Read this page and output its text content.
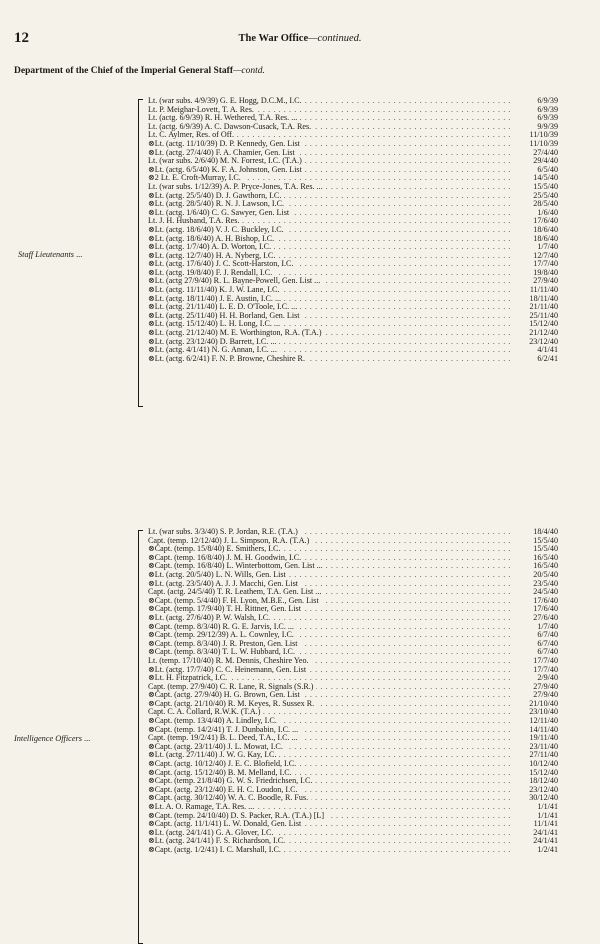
12	The War Office—continued.
Department of the Chief of the Imperial General Staff—contd.
Staff Lieutenants ...
.....
Lt. (war subs. 4/9/39) G. E. Hogg, D.C.M., I.C.	6/9/39
.....
Lt. P. Meighar-Lovett, T. A. Res.	6/9/39
.....
Lt. (actg. 6/9/39) R. H. Wethered, T.A. Res. ...	6/9/39
.....
Lt. (actg. 6/9/39) A. C. Dawson-Cusack, T.A. Res.	9/9/39
.....
Lt. C. Aylmer, Res. of Off.	11/10/39
.....
⊗Lt. (actg. 11/10/39) D. P. Kennedy, Gen. List	11/10/39
.....
⊗Lt. (actg. 27/4/40) F. A. Chamier, Gen. List	27/4/40
.....
Lt. (war subs. 2/6/40) M. N. Forrest, I.C. (T.A.)	29/4/40
.....
⊗Lt. (actg. 6/5/40) K. F. A. Johnston, Gen. List	6/5/40
.....
⊗2 Lt. E. Croft-Murray, I.C.	14/5/40
.....
Lt. (war subs. 1/12/39) A. P. Pryce-Jones, T.A. Res. ...	15/5/40
.....
⊗Lt. (actg. 25/5/40) D. J. Gawthorn, I.C.	25/5/40
.....
⊗Lt. (actg. 28/5/40) R. N. J. Lawson, I.C.	28/5/40
.....
⊗Lt. (actg. 1/6/40) C. G. Sawyer, Gen. List	1/6/40
.....
Lt. J. H. Husband, T.A. Res.	17/6/40
.....
⊗Lt. (actg. 18/6/40) V. J. C. Buckley, I.C.	18/6/40
.....
⊗Lt. (actg. 18/6/40) A. H. Bishop, I.C.	18/6/40
.....
⊗Lt. (actg. 1/7/40) A. D. Worton, I.C.	1/7/40
.....
⊗Lt. (actg. 12/7/40) H. A. Nyberg, I.C.	12/7/40
.....
⊗Lt. (actg. 17/6/40) J. C. Scott-Harston, I.C.	17/7/40
.....
⊗Lt. (actg. 19/8/40) F. J. Rendall, I.C.	19/8/40
.....
⊗Lt. (actg 27/9/40) R. L. Bayne-Powell, Gen. List ...	27/9/40
.....
⊗Lt. (actg. 11/11/40) K. J. W. Lane, I.C.	11/11/40
.....
⊗Lt. (actg. 18/11/40) J. E. Austin, I.C. ...	18/11/40
.....
⊗Lt. (actg. 21/11/40) L. E. D. O'Toole, I.C. ...	21/11/40
.....
⊗Lt. (actg. 25/11/40) H. H. Borland, Gen. List	25/11/40
.....
⊗Lt. (actg. 15/12/40) L. H. Long, I.C. ...	15/12/40
.....
⊗Lt. (actg. 21/12/40) M. E. Worthington, R.A. (T.A.)	21/12/40
.....
⊗Lt. (actg. 23/12/40) D. Barrett, I.C. ...	23/12/40
.....
⊗Lt. (actg. 4/1/41) N. G. Annan, I.C. ...	4/1/41
.....
⊗Lt. (actg. 6/2/41) F. N. P. Browne, Cheshire R.	6/2/41
Intelligence Officers ...
.....
Lt. (war subs. 3/3/40) S. P. Jordan, R.E. (T.A.)	18/4/40
.....
Capt. (temp. 12/12/40) J. L. Simpson, R.A. (T.A.)	15/5/40
.....
⊗Capt. (temp. 15/8/40) E. Smithers, I.C.	15/5/40
.....
⊗Capt. (temp. 16/8/40) J. M. H. Goodwin, I.C.	16/5/40
.....
⊗Capt. (temp. 16/8/40) L. Winterbottom, Gen. List ...	16/5/40
.....
⊗Lt. (actg. 20/5/40) L. N. Wills, Gen. List	20/5/40
.....
⊗Lt. (actg. 23/5/40) A. J. J. Macchi, Gen. List	23/5/40
.....
Capt. (actg. 24/5/40) T. R. Leathem, T.A. Gen. List ...	24/5/40
.....
⊗Capt. (temp. 5/4/40) F. H. Lyon, M.B.E., Gen. List	17/6/40
.....
⊗Capt. (temp. 17/9/40) T. H. Rittner, Gen. List	17/6/40
.....
⊗Lt. (actg. 27/6/40) P. W. Walsh, I.C.	27/6/40
.....
⊗Capt. (temp. 8/3/40) R. G. E. Jarvis, I.C. ...	1/7/40
.....
⊗Capt. (temp. 29/12/39) A. L. Cownley, I.C.	6/7/40
.....
⊗Capt. (temp. 8/3/40) J. R. Preston, Gen. List	6/7/40
.....
⊗Capt. (temp. 8/3/40) T. L. W. Hubbard, I.C.	6/7/40
.....
Lt. (temp. 17/10/40) R. M. Dennis, Cheshire Yeo.	17/7/40
.....
⊗Lt. (actg. 17/7/40) C. C. Heinemann, Gen. List	17/7/40
.....
⊗Lt. H. Fitzpatrick, I.C.	2/9/40
.....
Capt. (temp. 27/9/40) C. R. Lane, R. Signals (S.R.)	27/9/40
.....
⊗Capt. (actg. 27/9/40) H. G. Brown, Gen. List	27/9/40
.....
⊗Capt. (actg. 21/10/40) R. M. Keyes, R. Sussex R.	21/10/40
.....
Capt. C. A. Collard, R.W.K. (T.A.)	23/10/40
.....
⊗Capt. (temp. 13/4/40) A. Lindley, I.C.	12/11/40
.....
⊗Capt. (temp. 14/2/41) T. J. Dunbabin, I.C. ...	14/11/40
.....
Capt. (temp. 19/2/41) B. L. Deed, T.A., I.C. ...	19/11/40
.....
⊗Capt. (actg. 23/11/40) J. L. Mowat, I.C.	23/11/40
.....
⊗Lt. (actg. 27/11/40) J. W. G. Kay, I.C.	27/11/40
.....
⊗Capt. (actg. 10/12/40) J. E. C. Blofield, I.C.	10/12/40
.....
⊗Capt. (actg. 15/12/40) B. M. Melland, I.C.	15/12/40
.....
⊗Capt. (temp. 21/8/40) G. W. S. Friedrichsen, I.C.	18/12/40
.....
⊗Capt. (actg. 23/12/40) E. H. C. Loudon, I.C.	23/12/40
.....
⊗Capt. (actg. 30/12/40) W. A. C. Boodle, R. Fus.	30/12/40
.....
⊗Lt. A. O. Ramage, T.A. Res. ...	1/1/41
.....
⊗Capt. (temp. 24/10/40) D. S. Packer, R.A. (T.A.) [L]	1/1/41
.....
⊗Capt. (actg. 11/1/41) L. W. Donald, Gen. List	11/1/41
.....
⊗Lt. (actg. 24/1/41) G. A. Glover, I.C.	24/1/41
.....
⊗Lt. (actg. 24/1/41) F. S. Richardson, I.C.	24/1/41
.....
⊗Capt. (actg. 1/2/41) I. C. Marshall, I.C.	1/2/41
